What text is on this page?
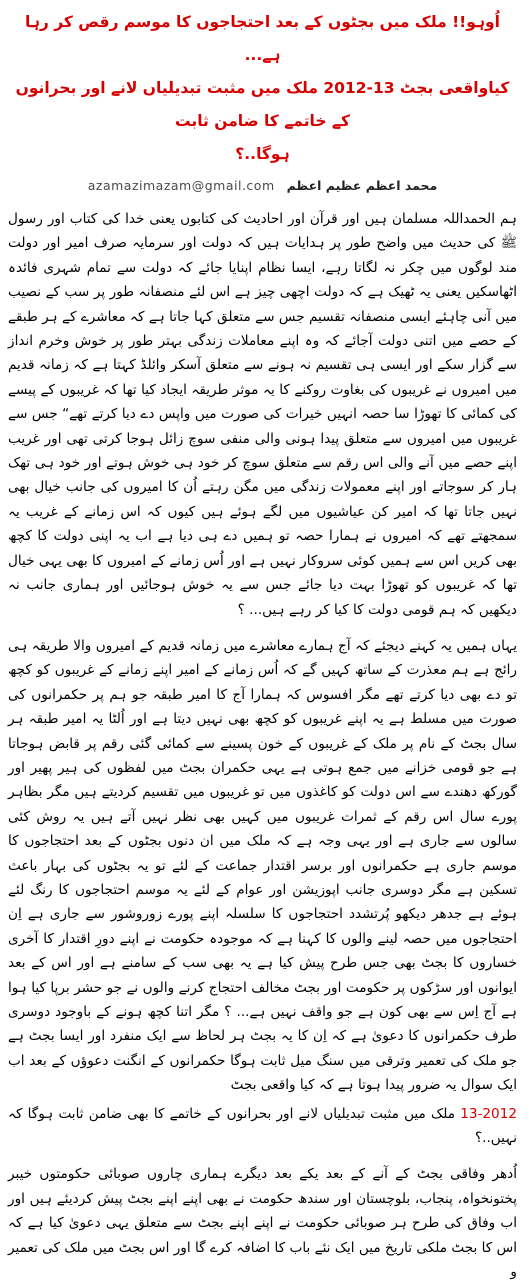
اُوہو!! ملک میں بجٹوں کے بعد احتجاجوں کا موسم رقص کر رہا ہے...
کیاواقعی بجٹ 13-2012 ملک میں مثبت تبدیلیاں لانے اور بحرانوں کے خاتمے کا ضامن ثابت
ہوگا..؟
azamazimazam@gmail.com محمد اعظم عظیم اعظم

ہم الحمداللہ مسلمان ہیں اور قرآن اور احادیث کی کتابوں یعنی خدا کی کتاب اور رسول ﷺ کی حدیث میں واضح طور پر ہدایات ہیں کہ دولت اور سرمایہ صرف امیر اور دولت مند لوگوں میں چکر نہ لگاتا رہے، ایسا نظام اپنایا جائے کہ دولت سے تمام شہری فائدہ اٹھاسکیں یعنی یہ ٹھیک ہے کہ دولت اچھی چیز ہے اس لئے منصفانہ طور پر سب کے نصیب میں آنی چاہئے ایسی منصفانہ تقسیم جس سے متعلق کہا جاتا ہے کہ معاشرے کے ہر طبقے کے حصے میں اتنی دولت آجائے کہ وہ اپنے معاملات زندگی بہتر طور پر خوش وخرم انداز سے گزار سکے اور ایسی ہی تقسیم نہ ہونے سے متعلق آسکر وائلڈ کہتا ہے کہ زمانہ قدیم میں امیروں نے غریبوں کی بغاوت روکنے کا یہ موثر طریقہ ایجاد کیا تھا کہ غریبوں کے پیسے کی کمائی کا تھوڑا سا حصہ انہیں خیرات کی صورت میں واپس دے دیا کرتے تھے“ جس سے غریبوں میں امیروں سے متعلق پیدا ہونی والی منفی سوچ زائل ہوجا کرتی تھی اور غریب اپنے حصے میں آنے والی اس رقم سے متعلق سوچ کر خود ہی خوش ہوتے اور خود ہی تھک ہار کر سوجاتے اور اپنے معمولات زندگی میں مگن رہتے اُن کا امیروں کی جانب خیال بھی نہیں جاتا تھا کہ امیر کن عیاشیوں میں لگے ہوئے ہیں کیوں کہ اس زمانے کے غریب یہ سمجھتے تھے کہ امیروں نے ہمارا حصہ تو ہمیں دے ہی دیا ہے اب یہ اپنی دولت کا کچھ بھی کریں اس سے ہمیں کوئی سروکار نہیں ہے اور اُس زمانے کے امیروں کا بھی یہی خیال تھا کہ غریبوں کو تھوڑا بہت دیا جائے جس سے یہ خوش ہوجائیں اور ہماری جانب نہ دیکھیں کہ ہم قومی دولت کا کیا کر رہے ہیں... ؟

یہاں ہمیں یہ کہنے دیجئے کہ آج ہمارے معاشرے میں زمانہ قدیم کے امیروں والا طریقہ ہی رائج ہے ہم معذرت کے ساتھ کہیں گے کہ اُس زمانے کے امیر اپنے زمانے کے غریبوں کو کچھ تو دے بھی دیا کرتے تھے مگر افسوس کہ ہمارا آج کا امیر طبقہ جو ہم پر حکمرانوں کی صورت میں مسلط ہے یہ اپنے غریبوں کو کچھ بھی نہیں دیتا ہے اور اُلٹا یہ امیر طبقہ ہر سال بجٹ کے نام پر ملک کے غریبوں کے خون پسینے سے کمائی گئی رقم پر قابض ہوجاتا ہے جو قومی خزانے میں جمع ہوتی ہے یہی حکمران بجٹ میں لفظوں کی ہیر پھیر اور گورکھ دھندے سے اس دولت کو کاغذوں میں تو غریبوں میں تقسیم کردیتے ہیں مگر بظاہر پورے سال اس رقم کے ثمرات غریبوں میں کہیں بھی نظر نہیں آتے ہیں یہ روش کئی سالوں سے جاری ہے اور یہی وجہ ہے کہ ملک میں ان دنوں بجٹوں کے بعد احتجاجوں کا موسم جاری ہے حکمرانوں اور برسر اقتدار جماعت کے لئے تو یہ بجٹوں کی بہار باعث تسکین ہے مگر دوسری جانب اپوزیشن اور عوام کے لئے یہ موسم احتجاجوں کا رنگ لئے ہوئے ہے جدھر دیکھو پُرتشدد احتجاجوں کا سلسلہ اپنے پورے زوروشور سے جاری ہے اِن احتجاجوں میں حصہ لینے والوں کا کہنا ہے کہ موجودہ حکومت نے اپنے دورِ اقتدار کا آخری خساروں کا بجٹ بھی جس طرح پیش کیا ہے یہ بھی سب کے سامنے ہے اور اس کے بعد ایوانوں اور سڑکوں پر حکومت اور بجٹ مخالف احتجاج کرنے والوں نے جو حشر برپا کیا ہوا ہے آج اِس سے بھی کون ہے جو واقف نہیں ہے... ؟ مگر اتنا کچھ ہونے کے باوجود دوسری طرف حکمرانوں کا دعویٰ ہے کہ اِن کا یہ بجٹ ہر لحاظ سے ایک منفرد اور ایسا بجٹ ہے جو ملک کی تعمیر وترقی میں سنگ میل ثابت ہوگا حکمرانوں کے انگنت دعوؤں کے بعد اب ایک سوال یہ ضرور پیدا ہوتا ہے کہ کیا واقعی بجٹ

13-2012 ملک میں مثبت تبدیلیاں لانے اور بحرانوں کے خاتمے کا بھی ضامن ثابت ہوگا کہ نہیں..؟

اُدھر وفاقی بجٹ کے آنے کے بعد یکے بعد دیگرے ہماری چاروں صوبائی حکومتوں خیبر پختونخواہ، پنجاب، بلوچستان اور سندھ حکومت نے بھی اپنے اپنے بجٹ پیش کردیئے ہیں اور اب وفاق کی طرح ہر صوبائی حکومت نے اپنے اپنے بجٹ سے متعلق یہی دعویٰ کیا ہے کہ اس کا بجٹ ملکی تاریخ میں ایک نئے باب کا اضافہ کرے گا اور اس بجٹ میں ملک کی تعمیر و
